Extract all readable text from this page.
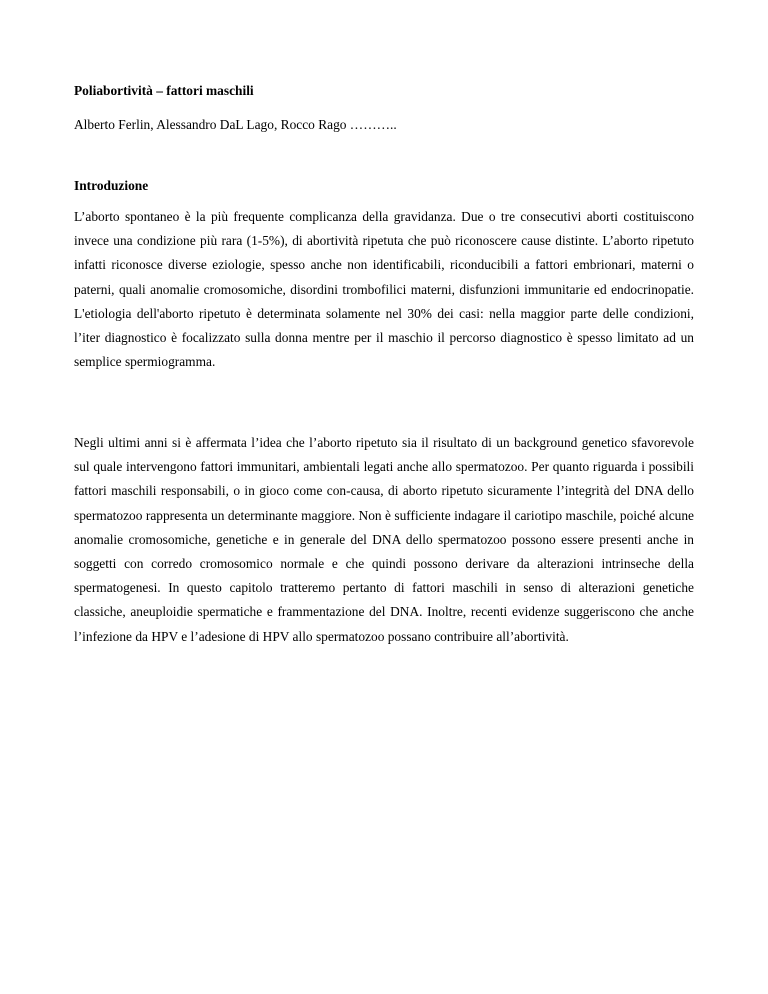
Poliabortività – fattori maschili
Alberto Ferlin, Alessandro DaL Lago, Rocco Rago ………..
Introduzione

L’aborto spontaneo è la più frequente complicanza della gravidanza. Due o tre consecutivi aborti costituiscono invece una condizione più rara (1-5%), di abortività ripetuta che può riconoscere cause distinte. L’aborto ripetuto infatti riconosce diverse eziologie, spesso anche non identificabili, riconducibili a fattori embrionari, materni o paterni, quali anomalie cromosomiche, disordini trombofilici materni, disfunzioni immunitarie ed endocrinopatie. L'etiologia dell'aborto ripetuto è determinata solamente nel 30% dei casi: nella maggior parte delle condizioni, l’iter diagnostico è focalizzato sulla donna mentre per il maschio il percorso diagnostico è spesso limitato ad un semplice spermiogramma.

Negli ultimi anni si è affermata l’idea che l’aborto ripetuto sia il risultato di un background genetico sfavorevole sul quale intervengono fattori immunitari, ambientali legati anche allo spermatozoo. Per quanto riguarda i possibili fattori maschili responsabili, o in gioco come con-causa, di aborto ripetuto sicuramente l’integrità del DNA dello spermatozoo rappresenta un determinante maggiore. Non è sufficiente indagare il cariotipo maschile, poiché alcune anomalie cromosomiche, genetiche e in generale del DNA dello spermatozoo possono essere presenti anche in soggetti con corredo cromosomico normale e che quindi possono derivare da alterazioni intrinseche della spermatogenesi. In questo capitolo tratteremo pertanto di fattori maschili in senso di alterazioni genetiche classiche, aneuploidie spermatiche e frammentazione del DNA. Inoltre, recenti evidenze suggeriscono che anche l’infezione da HPV e l’adesione di HPV allo spermatozoo possano contribuire all’abortività.
